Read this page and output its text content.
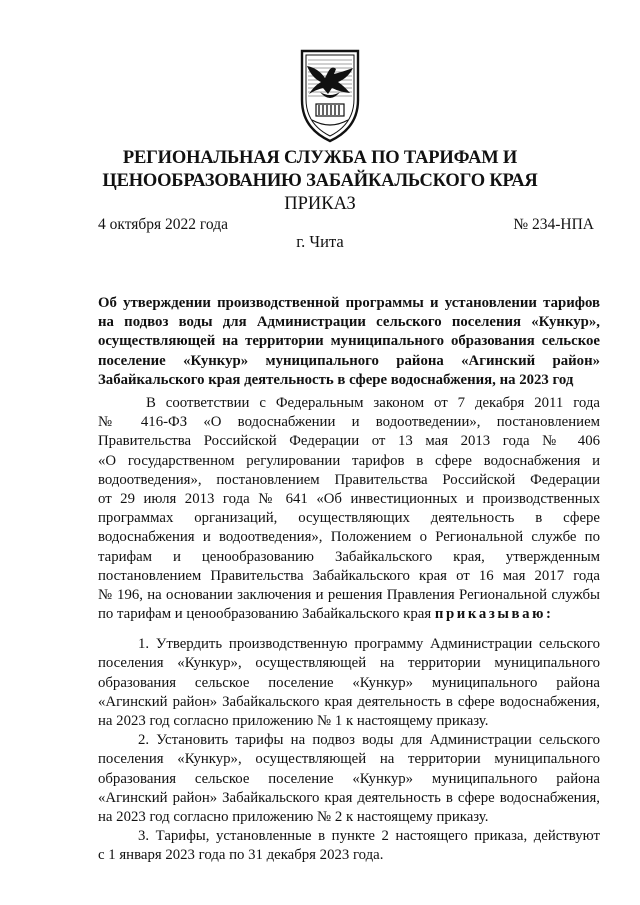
РЕГИОНАЛЬНАЯ СЛУЖБА ПО ТАРИФАМ И
ЦЕНООБРАЗОВАНИЮ ЗАБАЙКАЛЬСКОГО КРАЯ
ПРИКАЗ
4 октября 2022 года	№ 234-НПА
г. Чита
Об утверждении производственной программы и установлении тарифов
на подвоз воды для Администрации сельского поселения «Кункур»,
осуществляющей на территории муниципального образования сельское
поселение «Кункур» муниципального района «Агинский район»
Забайкальского края деятельность в сфере водоснабжения, на 2023 год
В соответствии с Федеральным законом от 7 декабря 2011 года
№ 416-ФЗ «О водоснабжении и водоотведении», постановлением
Правительства Российской Федерации от 13 мая 2013 года № 406
«О государственном регулировании тарифов в сфере водоснабжения и
водоотведения», постановлением Правительства Российской Федерации
от 29 июля 2013 года № 641 «Об инвестиционных и производственных
программах организаций, осуществляющих деятельность в сфере
водоснабжения и водоотведения», Положением о Региональной службе по
тарифам и ценообразованию Забайкальского края, утвержденным
постановлением Правительства Забайкальского края от 16 мая 2017 года
№ 196, на основании заключения и решения Правления Региональной службы
по тарифам и ценообразованию Забайкальского края приказываю:
1. Утвердить производственную программу Администрации сельского
поселения «Кункур», осуществляющей на территории муниципального
образования сельское поселение «Кункур» муниципального района
«Агинский район» Забайкальского края деятельность в сфере водоснабжения,
на 2023 год согласно приложению № 1 к настоящему приказу.
2. Установить тарифы на подвоз воды для Администрации сельского
поселения «Кункур», осуществляющей на территории муниципального
образования сельское поселение «Кункур» муниципального района
«Агинский район» Забайкальского края деятельность в сфере водоснабжения,
на 2023 год согласно приложению № 2 к настоящему приказу.
3. Тарифы, установленные в пункте 2 настоящего приказа, действуют
с 1 января 2023 года по 31 декабря 2023 года.
